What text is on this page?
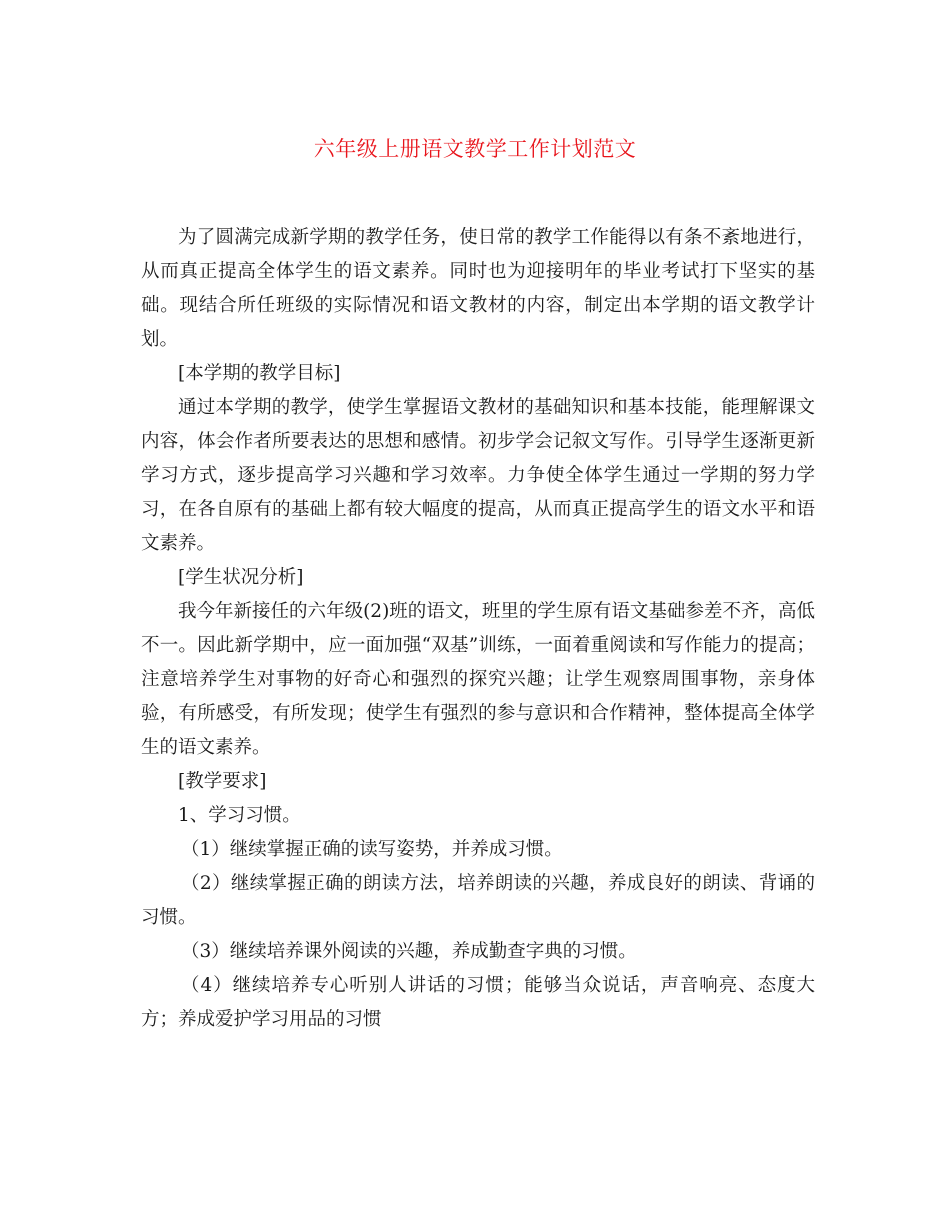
六年级上册语文教学工作计划范文

为了圆满完成新学期的教学任务，使日常的教学工作能得以有条不紊地进行，从而真正提高全体学生的语文素养。同时也为迎接明年的毕业考试打下坚实的基础。现结合所任班级的实际情况和语文教材的内容，制定出本学期的语文教学计划。

[本学期的教学目标]

通过本学期的教学，使学生掌握语文教材的基础知识和基本技能，能理解课文内容，体会作者所要表达的思想和感情。初步学会记叙文写作。引导学生逐渐更新学习方式，逐步提高学习兴趣和学习效率。力争使全体学生通过一学期的努力学习，在各自原有的基础上都有较大幅度的提高，从而真正提高学生的语文水平和语文素养。

[学生状况分析]

我今年新接任的六年级(2)班的语文，班里的学生原有语文基础参差不齐，高低不一。因此新学期中，应一面加强“双基”训练，一面着重阅读和写作能力的提高；注意培养学生对事物的好奇心和强烈的探究兴趣；让学生观察周围事物，亲身体验，有所感受，有所发现；使学生有强烈的参与意识和合作精神，整体提高全体学生的语文素养。

[教学要求]

1、学习习惯。

（1）继续掌握正确的读写姿势，并养成习惯。

（2）继续掌握正确的朗读方法，培养朗读的兴趣，养成良好的朗读、背诵的习惯。

（3）继续培养课外阅读的兴趣，养成勤查字典的习惯。

（4）继续培养专心听别人讲话的习惯；能够当众说话，声音响亮、态度大方；养成爱护学习用品的习惯
